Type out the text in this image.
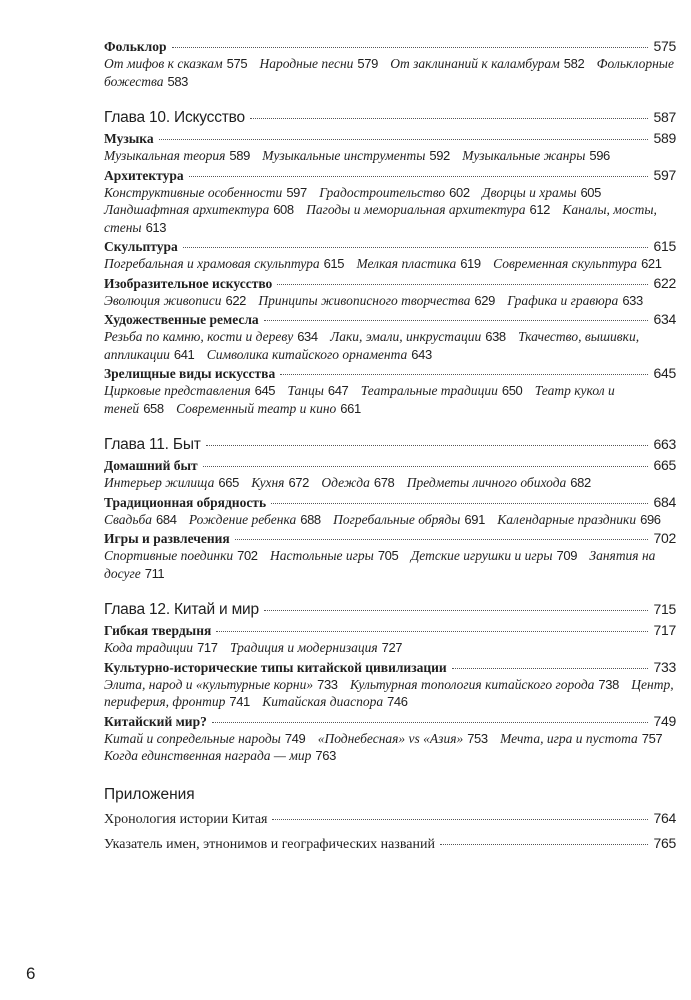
Фольклор	575
От мифов к сказкам 575 Народные песни 579 От заклинаний к каламбурам 582 Фольклорные божества 583
Глава 10. Искусство	587
Музыка	589
Музыкальная теория 589 Музыкальные инструменты 592 Музыкальные жанры 596
Архитектура	597
Конструктивные особенности 597 Градостроительство 602 Дворцы и храмы 605 Ландшафтная архитектура 608 Пагоды и мемориальная архитектура 612 Каналы, мосты, стены 613
Скульптура	615
Погребальная и храмовая скульптура 615 Мелкая пластика 619 Современная скульптура 621
Изобразительное искусство	622
Эволюция живописи 622 Принципы живописного творчества 629 Графика и гравюра 633
Художественные ремесла	634
Резьба по камню, кости и дереву 634 Лаки, эмали, инкрустации 638 Ткачество, вышивки, аппликации 641 Символика китайского орнамента 643
Зрелищные виды искусства	645
Цирковые представления 645 Танцы 647 Театральные традиции 650 Театр кукол и теней 658 Современный театр и кино 661
Глава 11. Быт	663
Домашний быт	665
Интерьер жилища 665 Кухня 672 Одежда 678 Предметы личного обихода 682
Традиционная обрядность	684
Свадьба 684 Рождение ребенка 688 Погребальные обряды 691 Календарные праздники 696
Игры и развлечения	702
Спортивные поединки 702 Настольные игры 705 Детские игрушки и игры 709 Занятия на досуге 711
Глава 12. Китай и мир	715
Гибкая твердыня	717
Кода традиции 717 Традиция и модернизация 727
Культурно-исторические типы китайской цивилизации	733
Элита, народ и «культурные корни» 733 Культурная топология китайского города 738 Центр, периферия, фронтир 741 Китайская диаспора 746
Китайский мир?	749
Китай и сопредельные народы 749 «Поднебесная» vs «Азия» 753 Мечта, игра и пустота 757 Когда единственная награда — мир 763
Приложения
Хронология истории Китая	764
Указатель имен, этнонимов и географических названий	765
6
